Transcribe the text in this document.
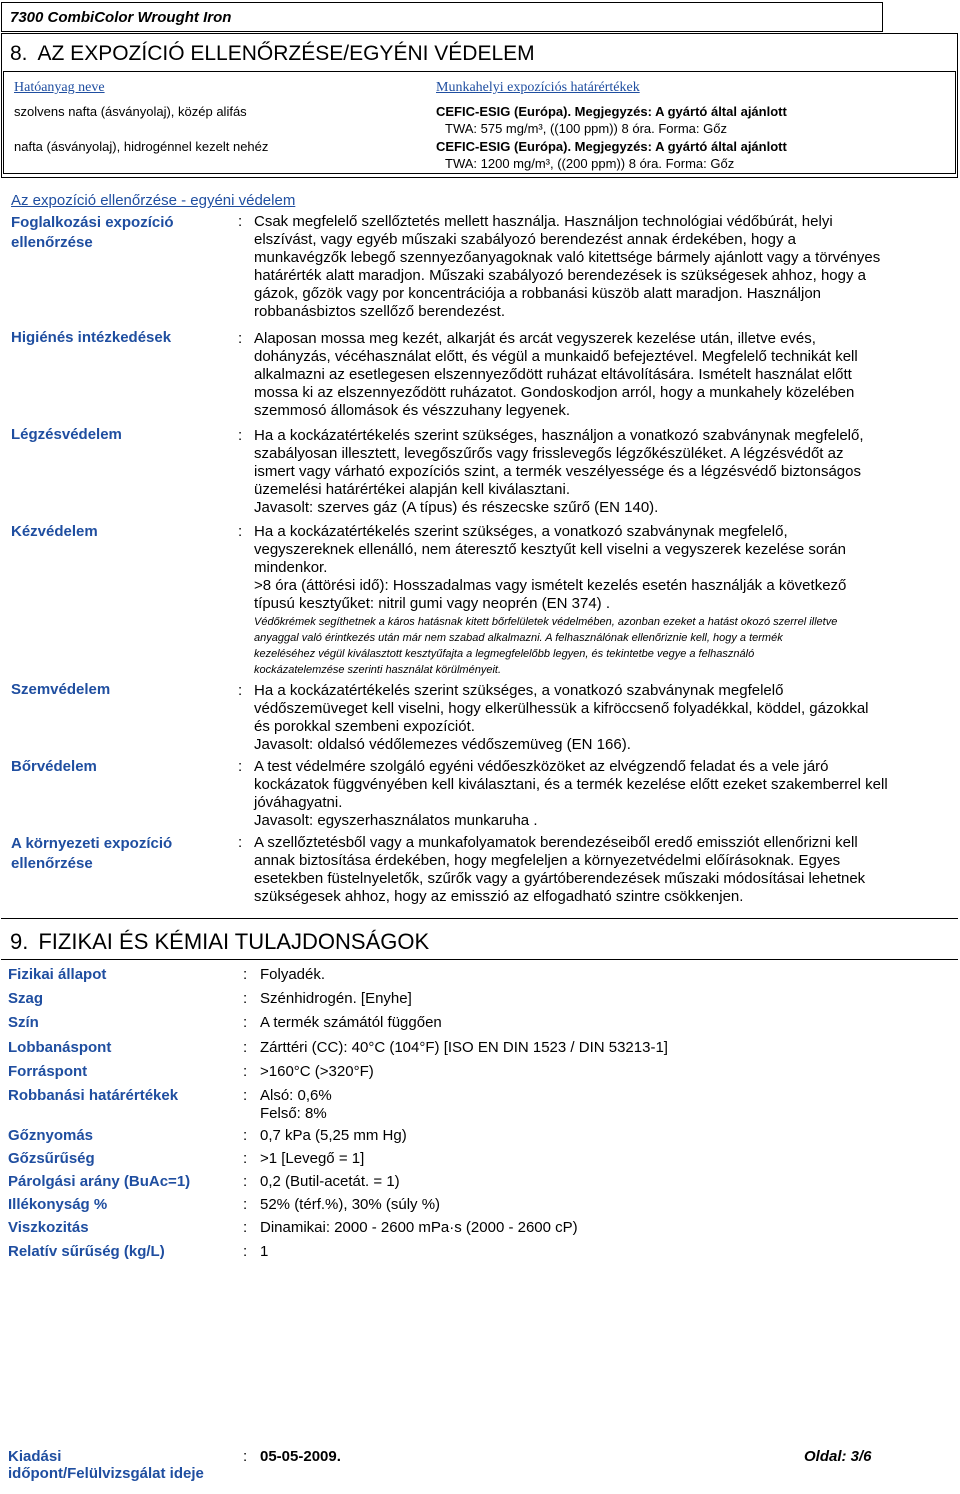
7300 CombiColor Wrought Iron
8. AZ EXPOZÍCIÓ ELLENŐRZÉSE/EGYÉNI VÉDELEM
Hatóanyag neve	Munkahelyi expozíciós határértékek
szolvens nafta (ásványolaj), közép alifás	CEFIC-ESIG (Európa). Megjegyzés: A gyártó által ajánlott
TWA: 575 mg/m³, ((100 ppm)) 8 óra. Forma: Gőz
nafta (ásványolaj), hidrogénnel kezelt nehéz	CEFIC-ESIG (Európa). Megjegyzés: A gyártó által ajánlott
TWA: 1200 mg/m³, ((200 ppm)) 8 óra. Forma: Gőz
Az expozíció ellenőrzése - egyéni védelem
Foglalkozási expozíció
ellenőrzése
: Csak megfelelő szellőztetés mellett használja. Használjon technológiai védőbúrát, helyi
elszívást, vagy egyéb műszaki szabályozó berendezést annak érdekében, hogy a
munkavégzők lebegő szennyezőanyagoknak való kitettsége bármely ajánlott vagy a törvényes
határérték alatt maradjon. Műszaki szabályozó berendezések is szükségesek ahhoz, hogy a
gázok, gőzök vagy por koncentrációja a robbanási küszöb alatt maradjon. Használjon
robbanásbiztos szellőző berendezést.
Higiénés intézkedések	: Alaposan mossa meg kezét, alkarját és arcát vegyszerek kezelése után, illetve evés,
dohányzás, vécéhasználat előtt, és végül a munkaidő befejeztével. Megfelelő technikát kell
alkalmazni az esetlegesen elszennyeződött ruházat eltávolítására. Ismételt használat előtt
mossa ki az elszennyeződött ruházatot. Gondoskodjon arról, hogy a munkahely közelében
szemmosó állomások és vészzuhany legyenek.
Légzésvédelem	: Ha a kockázatértékelés szerint szükséges, használjon a vonatkozó szabványnak megfelelő,
szabályosan illesztett, levegőszűrős vagy frisslevegős légzőkészüléket. A légzésvédőt az
ismert vagy várható expozíciós szint, a termék veszélyessége és a légzésvédő biztonságos
üzemelési határértékei alapján kell kiválasztani.
Javasolt: szerves gáz (A típus) és részecske szűrő (EN 140).
Kézvédelem	: Ha a kockázatértékelés szerint szükséges, a vonatkozó szabványnak megfelelő,
vegyszereknek ellenálló, nem áteresztő kesztyűt kell viselni a vegyszerek kezelése során
mindenkor.
>8 óra (áttörési idő): Hosszadalmas vagy ismételt kezelés esetén használják a következő
típusú kesztyűket: nitril gumi vagy neoprén (EN 374) .
Védőkrémek segíthetnek a káros hatásnak kitett bőrfelületek védelmében, azonban ezeket a hatást okozó szerrel illetve
anyaggal való érintkezés után már nem szabad alkalmazni. A felhasználónak ellenőriznie kell, hogy a termék
kezeléséhez végül kiválasztott kesztyűfajta a legmegfelelőbb legyen, és tekintetbe vegye a felhasználó
kockázatelemzése szerinti használat körülményeit.
Szemvédelem	: Ha a kockázatértékelés szerint szükséges, a vonatkozó szabványnak megfelelő
védőszemüveget kell viselni, hogy elkerülhessük a kifröccsenő folyadékkal, köddel, gázokkal
és porokkal szembeni expozíciót.
Javasolt: oldalsó védőlemezes védőszemüveg (EN 166).
Bőrvédelem	: A test védelmére szolgáló egyéni védőeszközöket az elvégzendő feladat és a vele járó
kockázatok függvényében kell kiválasztani, és a termék kezelése előtt ezeket szakemberrel kell
jóváhagyatni.
Javasolt: egyszerhasználatos munkaruha .
A környezeti expozíció
ellenőrzése
: A szellőztetésből vagy a munkafolyamatok berendezéseiből eredő emissziót ellenőrizni kell
annak biztosítása érdekében, hogy megfeleljen a környezetvédelmi előírásoknak. Egyes
esetekben füstelnyeletők, szűrők vagy a gyártóberendezések műszaki módosításai lehetnek
szükségesek ahhoz, hogy az emisszió az elfogadható szintre csökkenjen.
9. FIZIKAI ÉS KÉMIAI TULAJDONSÁGOK
Fizikai állapot	: Folyadék.
Szag	: Szénhidrogén. [Enyhe]
Szín	: A termék számától függően
Lobbanáspont	: Zárttéri (CC): 40°C (104°F) [ISO EN DIN 1523 / DIN 53213-1]
Forráspont	: >160°C (>320°F)
Robbanási határértékek	: Alsó: 0,6%
Felső: 8%
Gőznyomás	: 0,7 kPa (5,25 mm Hg)
Gőzsűrűség	: >1 [Levegő = 1]
Párolgási arány (BuAc=1)	: 0,2 (Butil-acetát. = 1)
Illékonyság %	: 52% (térf.%), 30% (súly %)
Viszkozitás	: Dinamikai: 2000 - 2600 mPa·s (2000 - 2600 cP)
Relatív sűrűség (kg/L)	: 1
Kiadási
időpont/Felülvizsgálat ideje
: 05-05-2009.	Oldal: 3/6
